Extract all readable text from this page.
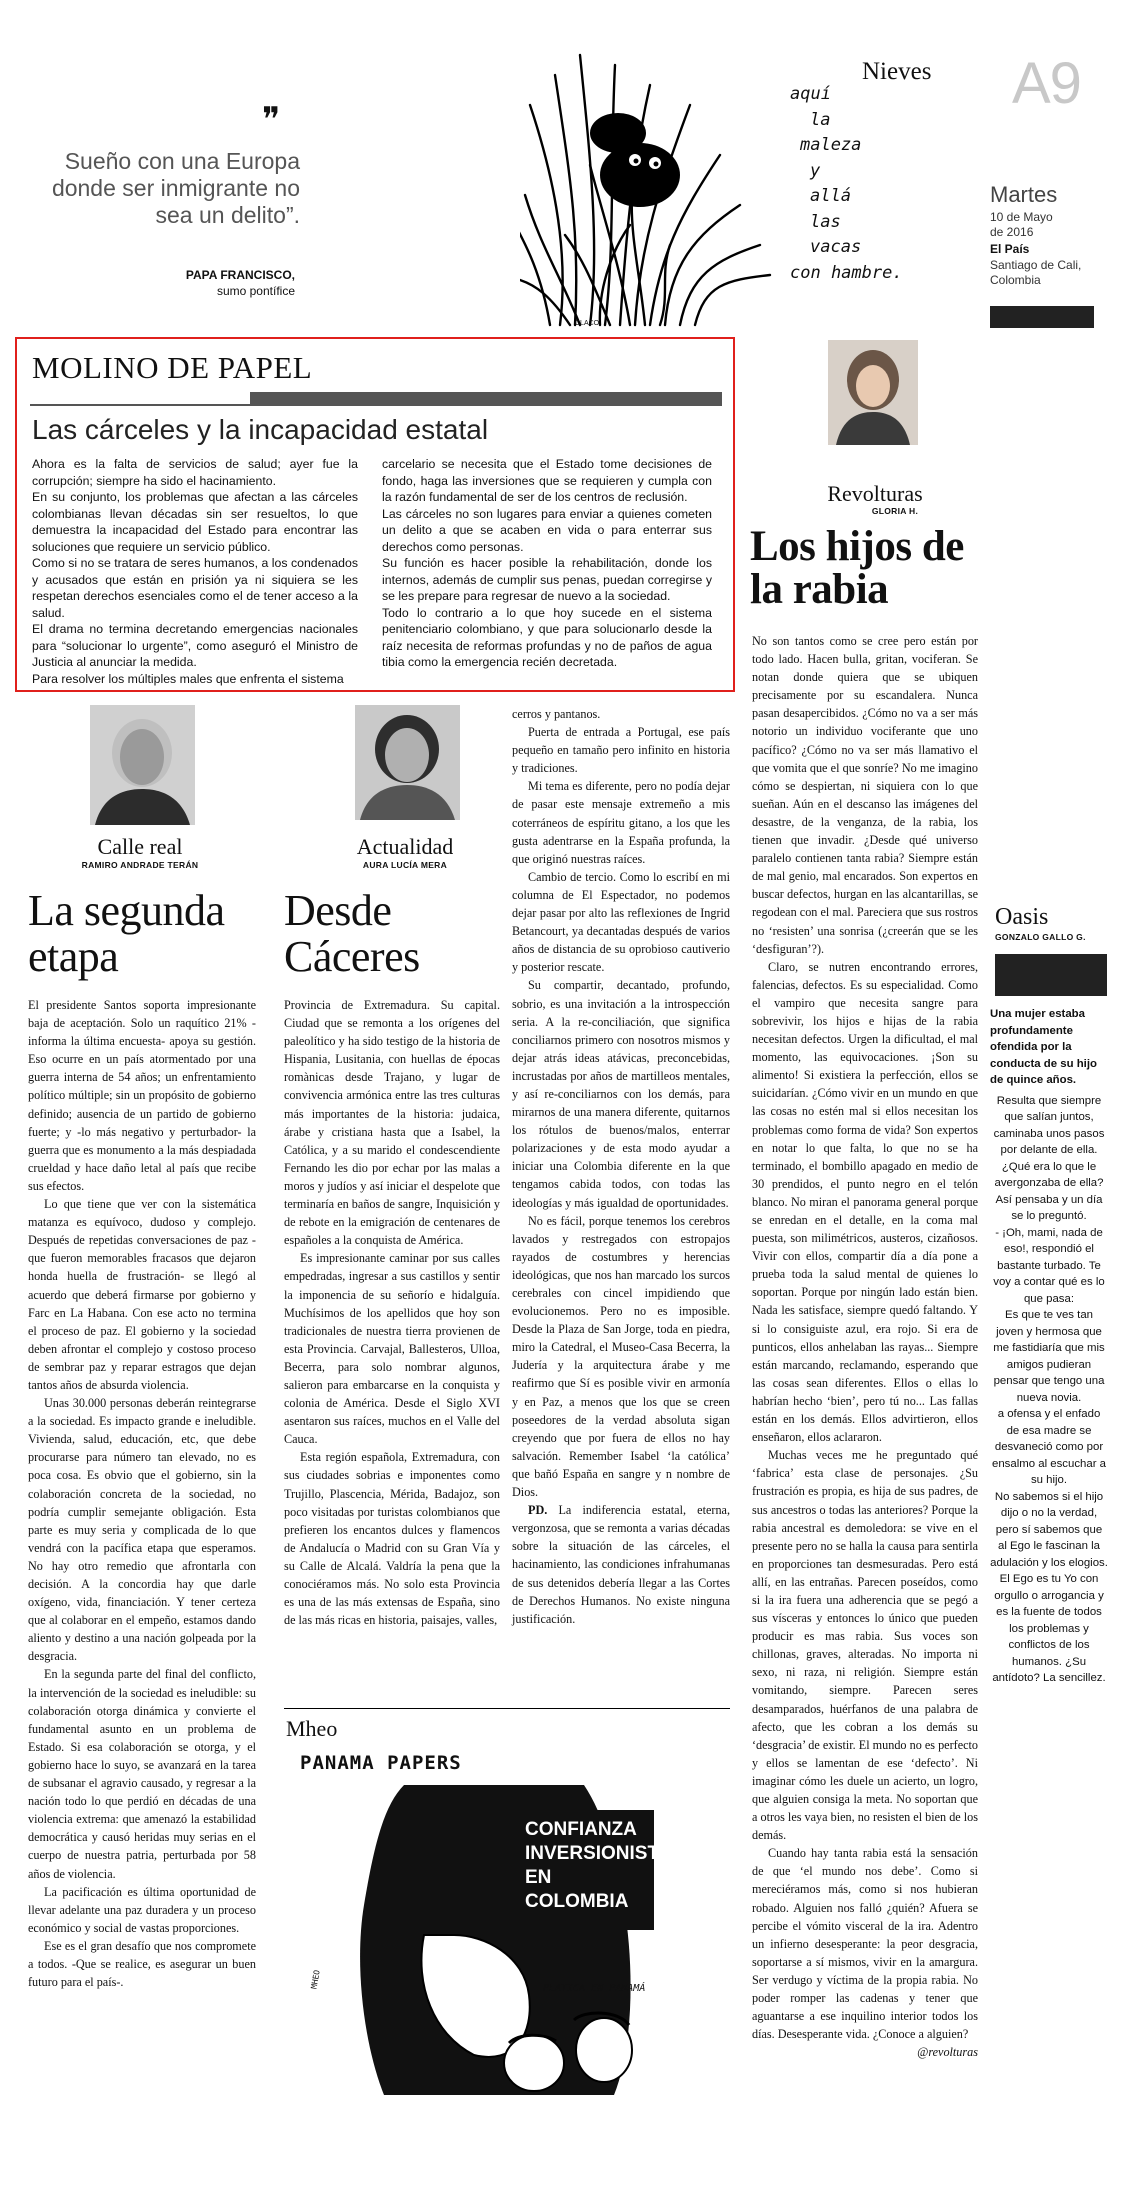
Nieves A9
Martes
10 de Mayo
de 2016
El País
Santiago de Cali,
Colombia
❞
Sueño con una Europa donde ser inmigrante no sea un delito”.
PAPA FRANCISCO,
sumo pontífice
aquí
la
maleza
y
allá
las
vacas
con hambre.
CLACO
MOLINO DE PAPEL
Las cárceles y la incapacidad estatal

Ahora es la falta de servicios de salud; ayer fue la corrupción; siempre ha sido el hacinamiento.

En su conjunto, los problemas que afectan a las cárceles colombianas llevan décadas sin ser resueltos, lo que demuestra la incapacidad del Estado para encontrar las soluciones que requiere un servicio público.

Como si no se tratara de seres humanos, a los condenados y acusados que están en prisión ya ni siquiera se les respetan derechos esenciales como el de tener acceso a la salud.

El drama no termina decretando emergencias nacionales para “solucionar lo urgente”, como aseguró el Ministro de Justicia al anunciar la medida.

Para resolver los múltiples males que enfrenta el sistema

carcelario se necesita que el Estado tome decisiones de fondo, haga las inversiones que se requieren y cumpla con la razón fundamental de ser de los centros de reclusión.

Las cárceles no son lugares para enviar a quienes cometen un delito a que se acaben en vida o para enterrar sus derechos como personas.

Su función es hacer posible la rehabilitación, donde los internos, además de cumplir sus penas, puedan corregirse y se les prepare para regresar de nuevo a la sociedad.

Todo lo contrario a lo que hoy sucede en el sistema penitenciario colombiano, y que para solucionarlo desde la raíz necesita de reformas profundas y no de paños de agua tibia como la emergencia recién decretada.

Revolturas
GLORIA H.
Los hijos de la rabia

No son tantos como se cree pero están por todo lado. Hacen bulla, gritan, vociferan. Se notan donde quiera que se ubiquen precisamente por su escandalera. Nunca pasan desapercibidos. ¿Cómo no va a ser más notorio un individuo vociferante que uno pacífico? ¿Cómo no va ser más llamativo el que vomita que el que sonríe? No me imagino cómo se despiertan, ni siquiera con lo que sueñan. Aún en el descanso las imágenes del desastre, de la venganza, de la rabia, los tienen que invadir. ¿Desde qué universo paralelo contienen tanta rabia? Siempre están de mal genio, mal encarados. Son expertos en buscar defectos, hurgan en las alcantarillas, se regodean con el mal. Pareciera que sus rostros no ‘resisten’ una sonrisa (¿creerán que se les ‘desfiguran’?).

Claro, se nutren encontrando errores, falencias, defectos. Es su especialidad. Como el vampiro que necesita sangre para sobrevivir, los hijos e hijas de la rabia necesitan defectos. Urgen la dificultad, el mal momento, las equivocaciones. ¡Son su alimento! Si existiera la perfección, ellos se suicidarían. ¿Cómo vivir en un mundo en que las cosas no estén mal si ellos necesitan los problemas como forma de vida? Son expertos en notar lo que falta, lo que no se ha terminado, el bombillo apagado en medio de 30 prendidos, el punto negro en el telón blanco. No miran el panorama general porque se enredan en el detalle, en la coma mal puesta, son milimétricos, austeros, cizañosos. Vivir con ellos, compartir día a día pone a prueba toda la salud mental de quienes lo soportan. Porque por ningún lado están bien. Nada les satisface, siempre quedó faltando. Y si lo consiguiste azul, era rojo. Si era de punticos, ellos anhelaban las rayas... Siempre están marcando, reclamando, esperando que las cosas sean diferentes. Ellos o ellas lo habrían hecho ‘bien’, pero tú no... Las fallas están en los demás. Ellos advirtieron, ellos enseñaron, ellos aclararon.

Muchas veces me he preguntado qué ‘fabrica’ esta clase de personajes. ¿Su frustración es propia, es hija de sus padres, de sus ancestros o todas las anteriores? Porque la rabia ancestral es demoledora: se vive en el presente pero no se halla la causa para sentirla en proporciones tan desmesuradas. Pero está allí, en las entrañas. Parecen poseídos, como si la ira fuera una adherencia que se pegó a sus vísceras y entonces lo único que pueden producir es mas rabia. Sus voces son chillonas, graves, alteradas. No importa ni sexo, ni raza, ni religión. Siempre están vomitando, siempre. Parecen seres desamparados, huérfanos de una palabra de afecto, que les cobran a los demás su ‘desgracia’ de existir. El mundo no es perfecto y ellos se lamentan de ese ‘defecto’. Ni imaginar cómo les duele un acierto, un logro, que alguien consiga la meta. No soportan que a otros les vaya bien, no resisten el bien de los demás.

Cuando hay tanta rabia está la sensación de que ‘el mundo nos debe’. Como si mereciéramos más, como si nos hubieran robado. Alguien nos falló ¿quién? Afuera se percibe el vómito visceral de la ira. Adentro un infierno desesperante: la peor desgracia, soportarse a sí mismos, vivir en la amargura. Ser verdugo y víctima de la propia rabia. No poder romper las cadenas y tener que aguantarse a ese inquilino interior todos los días. Desesperante vida. ¿Conoce a alguien?

@revolturas

Oasis
GONZALO GALLO G.

Una mujer estaba profundamente ofendida por la conducta de su hijo de quince años.

Resulta que siempre que salían juntos, caminaba unos pasos por delante de ella.

¿Qué era lo que le avergonzaba de ella? Así pensaba y un día se lo preguntó.

- ¡Oh, mami, nada de eso!, respondió el bastante turbado. Te voy a contar qué es lo que pasa:

Es que te ves tan joven y hermosa que me fastidiaría que mis amigos pudieran pensar que tengo una nueva novia.

a ofensa y el enfado de esa madre se desvaneció como por ensalmo al escuchar a su hijo.

No sabemos si el hijo dijo o no la verdad, pero sí sabemos que al Ego le fascinan la adulación y los elogios.

El Ego es tu Yo con orgullo o arrogancia y es la fuente de todos los problemas y conflictos de los humanos. ¿Su antídoto? La sencillez.

Calle real
RAMIRO ANDRADE TERÁN
La segunda etapa

El presidente Santos soporta impresionante baja de aceptación. Solo un raquítico 21% -informa la última encuesta- apoya su gestión. Eso ocurre en un país atormentado por una guerra interna de 54 años; un enfrentamiento político múltiple; sin un propósito de gobierno definido; ausencia de un partido de gobierno fuerte; y -lo más negativo y perturbador- la guerra que es monumento a la más despiadada crueldad y hace daño letal al país que recibe sus efectos.

Lo que tiene que ver con la sistemática matanza es equívoco, dudoso y complejo. Después de repetidas conversaciones de paz -que fueron memorables fracasos que dejaron honda huella de frustración- se llegó al acuerdo que deberá firmarse por gobierno y Farc en La Habana. Con ese acto no termina el proceso de paz. El gobierno y la sociedad deben afrontar el complejo y costoso proceso de sembrar paz y reparar estragos que dejan tantos años de absurda violencia.

Unas 30.000 personas deberán reintegrarse a la sociedad. Es impacto grande e ineludible. Vivienda, salud, educación, etc, que debe procurarse para número tan elevado, no es poca cosa. Es obvio que el gobierno, sin la colaboración concreta de la sociedad, no podría cumplir semejante obligación. Esta parte es muy seria y complicada de lo que vendrá con la pacífica etapa que esperamos. No hay otro remedio que afrontarla con decisión. A la concordia hay que darle oxígeno, vida, financiación. Y tener certeza que al colaborar en el empeño, estamos dando aliento y destino a una nación golpeada por la desgracia.

En la segunda parte del final del conflicto, la intervención de la sociedad es ineludible: su colaboración otorga dinámica y convierte el fundamental asunto en un problema de Estado. Si esa colaboración se otorga, y el gobierno hace lo suyo, se avanzará en la tarea de subsanar el agravio causado, y regresar a la nación todo lo que perdió en décadas de una violencia extrema: que amenazó la estabilidad democrática y causó heridas muy serias en el cuerpo de nuestra patria, perturbada por 58 años de violencia.

La pacificación es última oportunidad de llevar adelante una paz duradera y un proceso económico y social de vastas proporciones.

Ese es el gran desafío que nos compromete a todos. -Que se realice, es asegurar un buen futuro para el país-.

Actualidad
AURA LUCÍA MERA
Desde Cáceres

Provincia de Extremadura. Su capital. Ciudad que se remonta a los orígenes del paleolítico y ha sido testigo de la historia de Hispania, Lusitania, con huellas de épocas romànicas desde Trajano, y lugar de convivencia armónica entre las tres culturas más importantes de la historia: judaica, árabe y cristiana hasta que a Isabel, la Católica, y a su marido el condescendiente Fernando les dio por echar por las malas a moros y judíos y así iniciar el despelote que terminaría en baños de sangre, Inquisición y de rebote en la emigración de centenares de españoles a la conquista de América.

Es impresionante caminar por sus calles empedradas, ingresar a sus castillos y sentir la imponencia de su señorío e hidalguía. Muchísimos de los apellidos que hoy son tradicionales de nuestra tierra provienen de esta Provincia. Carvajal, Ballesteros, Ulloa, Becerra, para solo nombrar algunos, salieron para embarcarse en la conquista y colonia de América. Desde el Siglo XVI asentaron sus raíces, muchos en el Valle del Cauca.

Esta región española, Extremadura, con sus ciudades sobrias e imponentes como Trujillo, Plascencia, Mérida, Badajoz, son poco visitadas por turistas colombianos que prefieren los encantos dulces y flamencos de Andalucía o Madrid con su Gran Vía y su Calle de Alcalá. Valdría la pena que la conociéramos más. No solo esta Provincia es una de las más extensas de España, sino de las más ricas en historia, paisajes, valles,

cerros y pantanos.

Puerta de entrada a Portugal, ese país pequeño en tamaño pero infinito en historia y tradiciones.

Mi tema es diferente, pero no podía dejar de pasar este mensaje extremeño a mis coterráneos de espíritu gitano, a los que les gusta adentrarse en la España profunda, la que originó nuestras raíces.

Cambio de tercio. Como lo escribí en mi columna de El Espectador, no podemos dejar pasar por alto las reflexiones de Ingrid Betancourt, ya decantadas después de varios años de distancia de su oprobioso cautiverio y posterior rescate.

Su compartir, decantado, profundo, sobrio, es una invitación a la introspección seria. A la re-conciliación, que significa conciliarnos primero con nosotros mismos y dejar atrás ideas atávicas, preconcebidas, incrustadas por años de martilleos mentales, y así re-conciliarnos con los demás, para mirarnos de una manera diferente, quitarnos los rótulos de buenos/malos, enterrar polarizaciones y de esta modo ayudar a iniciar una Colombia diferente en la que tengamos cabida todos, con todas las ideologías y más igualdad de oportunidades.

No es fácil, porque tenemos los cerebros lavados y restregados con estropajos rayados de costumbres y herencias ideológicas, que nos han marcado los surcos cerebrales con cincel impidiendo que evolucionemos. Pero no es imposible. Desde la Plaza de San Jorge, toda en piedra, miro la Catedral, el Museo-Casa Becerra, la Judería y la arquitectura árabe y me reafirmo que Sí es posible vivir en armonía y en Paz, a menos que los que se creen poseedores de la verdad absoluta sigan creyendo que por fuera de ellos no hay salvación. Remember Isabel ‘la católica’ que bañó España en sangre y n nombre de Dios.

PD. La indiferencia estatal, eterna, vergonzosa, que se remonta a varias décadas sobre la situación de las cárceles, el hacinamiento, las condiciones infrahumanas de sus detenidos debería llegar a las Cortes de Derechos Humanos. No existe ninguna justificación.

Mheo
PANAMA PAPERS
CONFIANZA
INVERSIONISTA
EN
COLOMBIA
PLATICA EN PANAMÁ
MHEO
